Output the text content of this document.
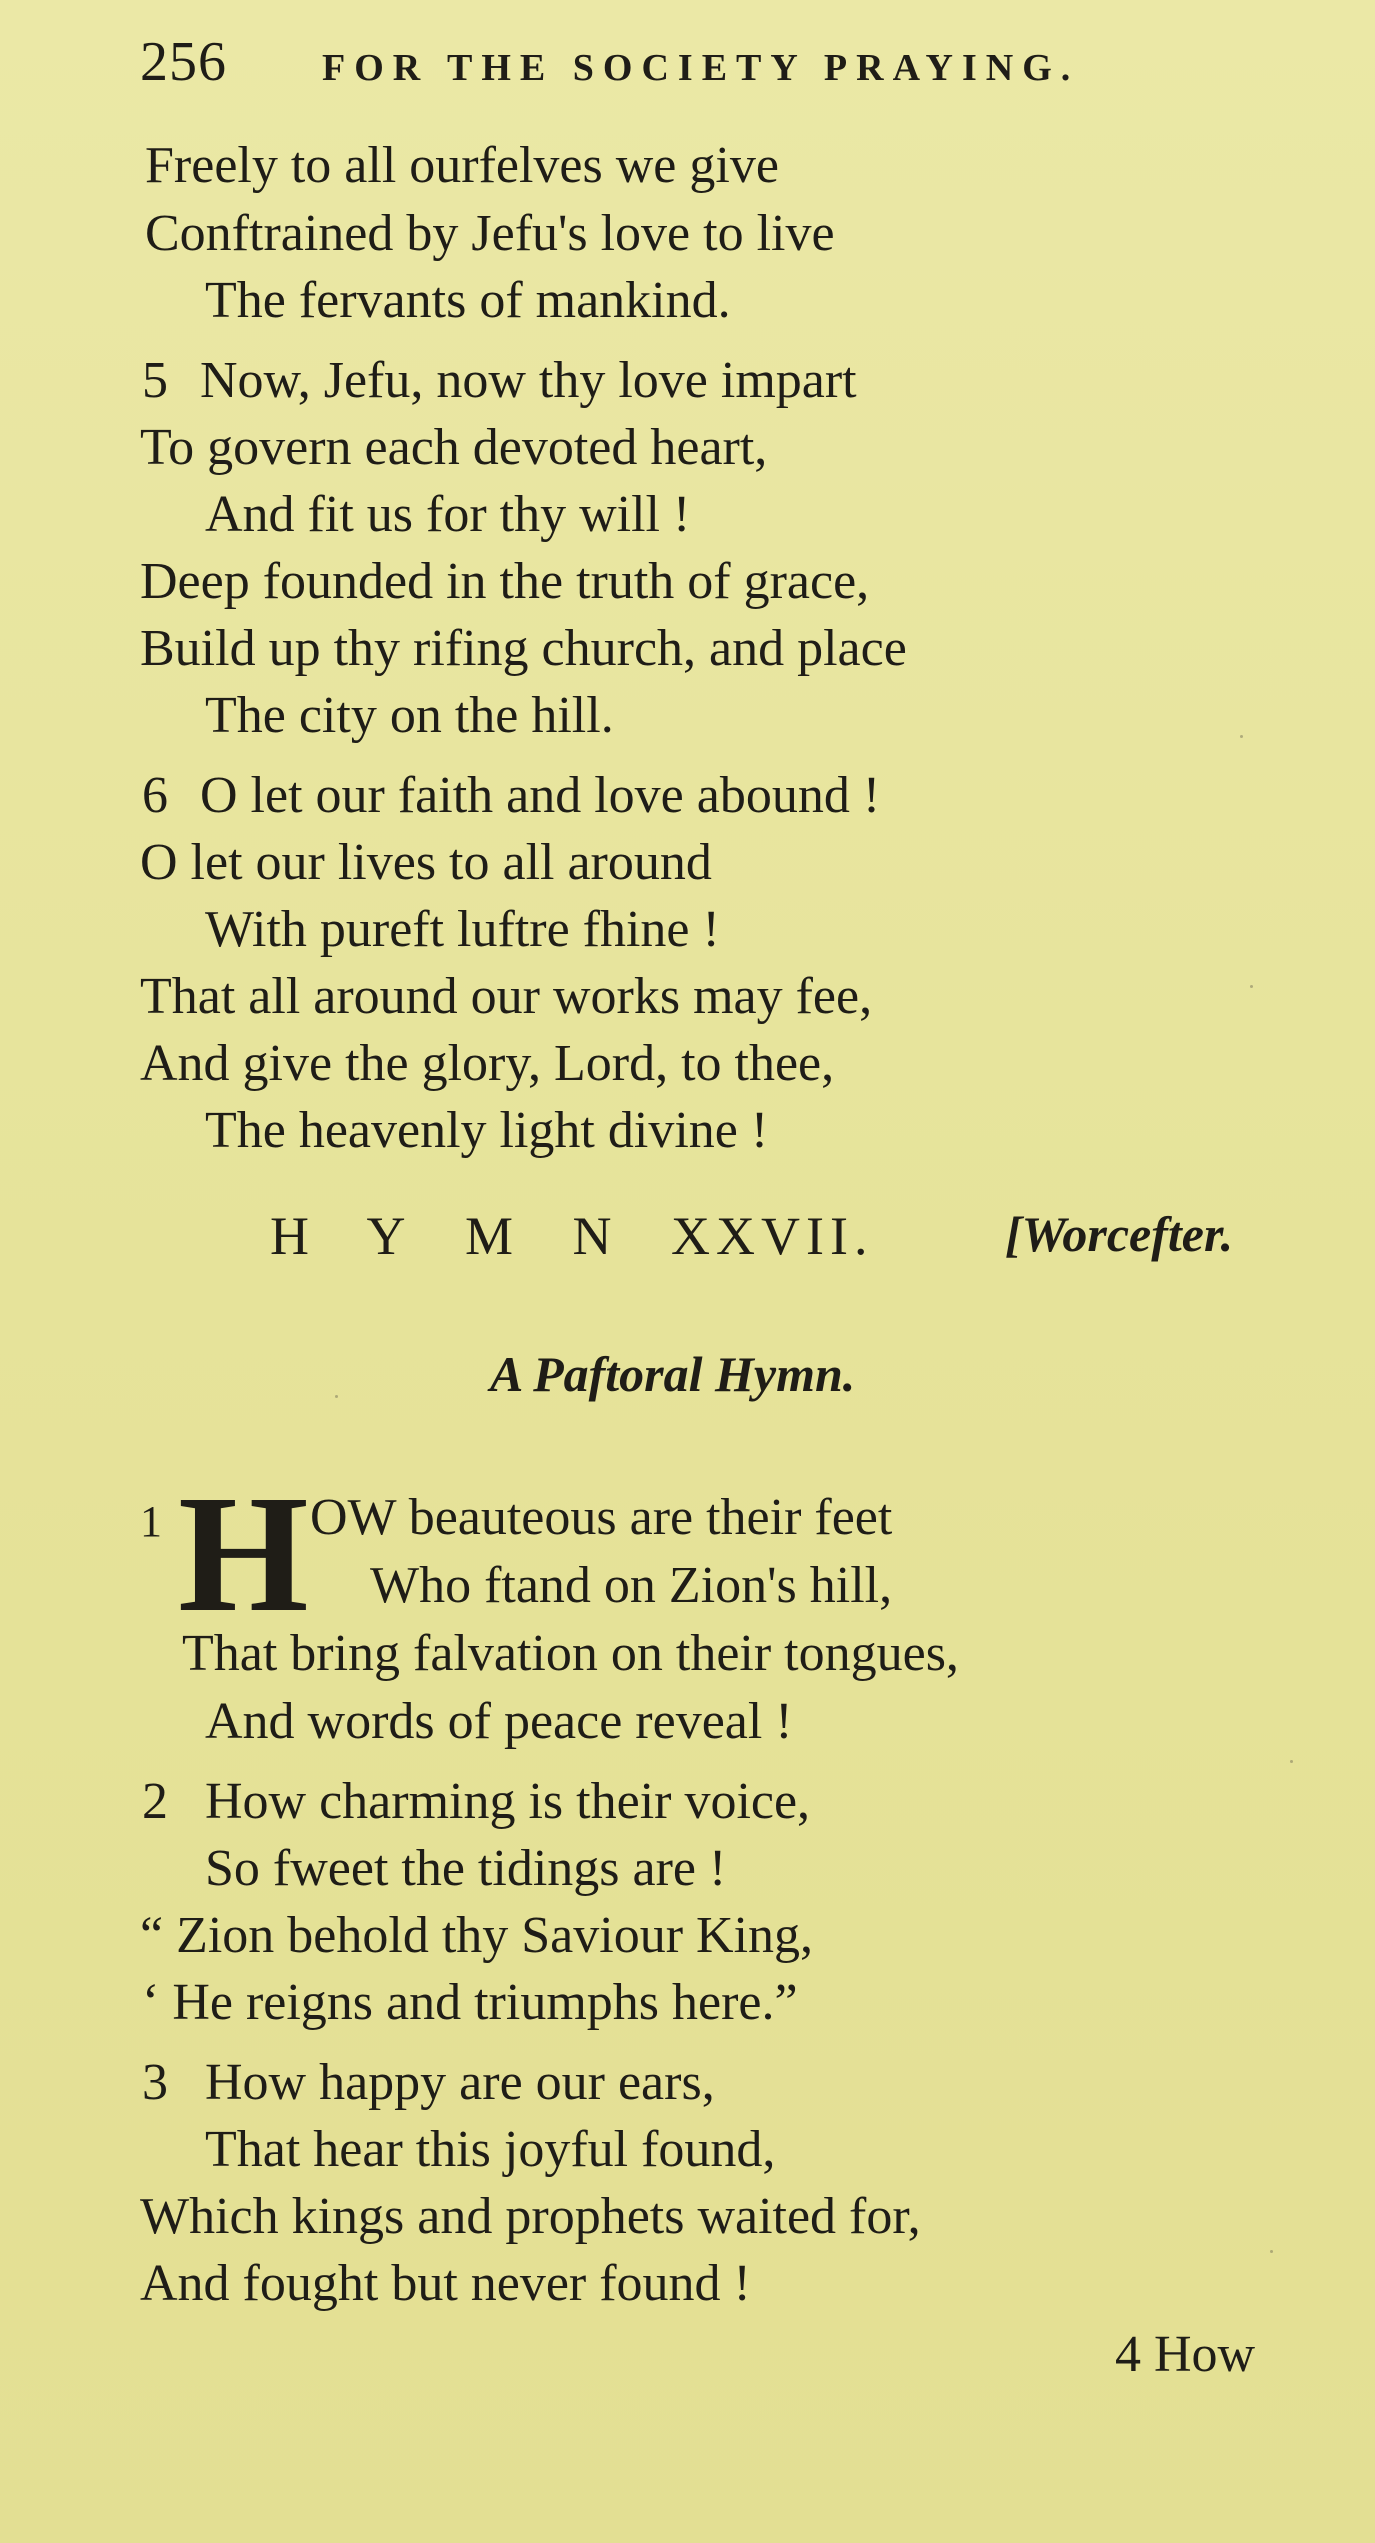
256	FOR THE SOCIETY PRAYING.
Freely to all ourfelves we give
Conftrained by Jefu's love to live
The fervants of mankind.
5 Now, Jefu, now thy love impart
To govern each devoted heart,
And fit us for thy will !
Deep founded in the truth of grace,
Build up thy rifing church, and place
The city on the hill.
6 O let our faith and love abound !
O let our lives to all around
With pureft luftre fhine !
That all around our works may fee,
And give the glory, Lord, to thee,
The heavenly light divine !
H Y M N XXVII.	[Worcefter.
A Paftoral Hymn.
1 H OW beauteous are their feet
Who ftand on Zion's hill,
That bring falvation on their tongues,
And words of peace reveal !
2 How charming is their voice,
So fweet the tidings are !
“ Zion behold thy Saviour King,
‘ He reigns and triumphs here.”
3 How happy are our ears,
That hear this joyful found,
Which kings and prophets waited for,
And fought but never found !
4 How
